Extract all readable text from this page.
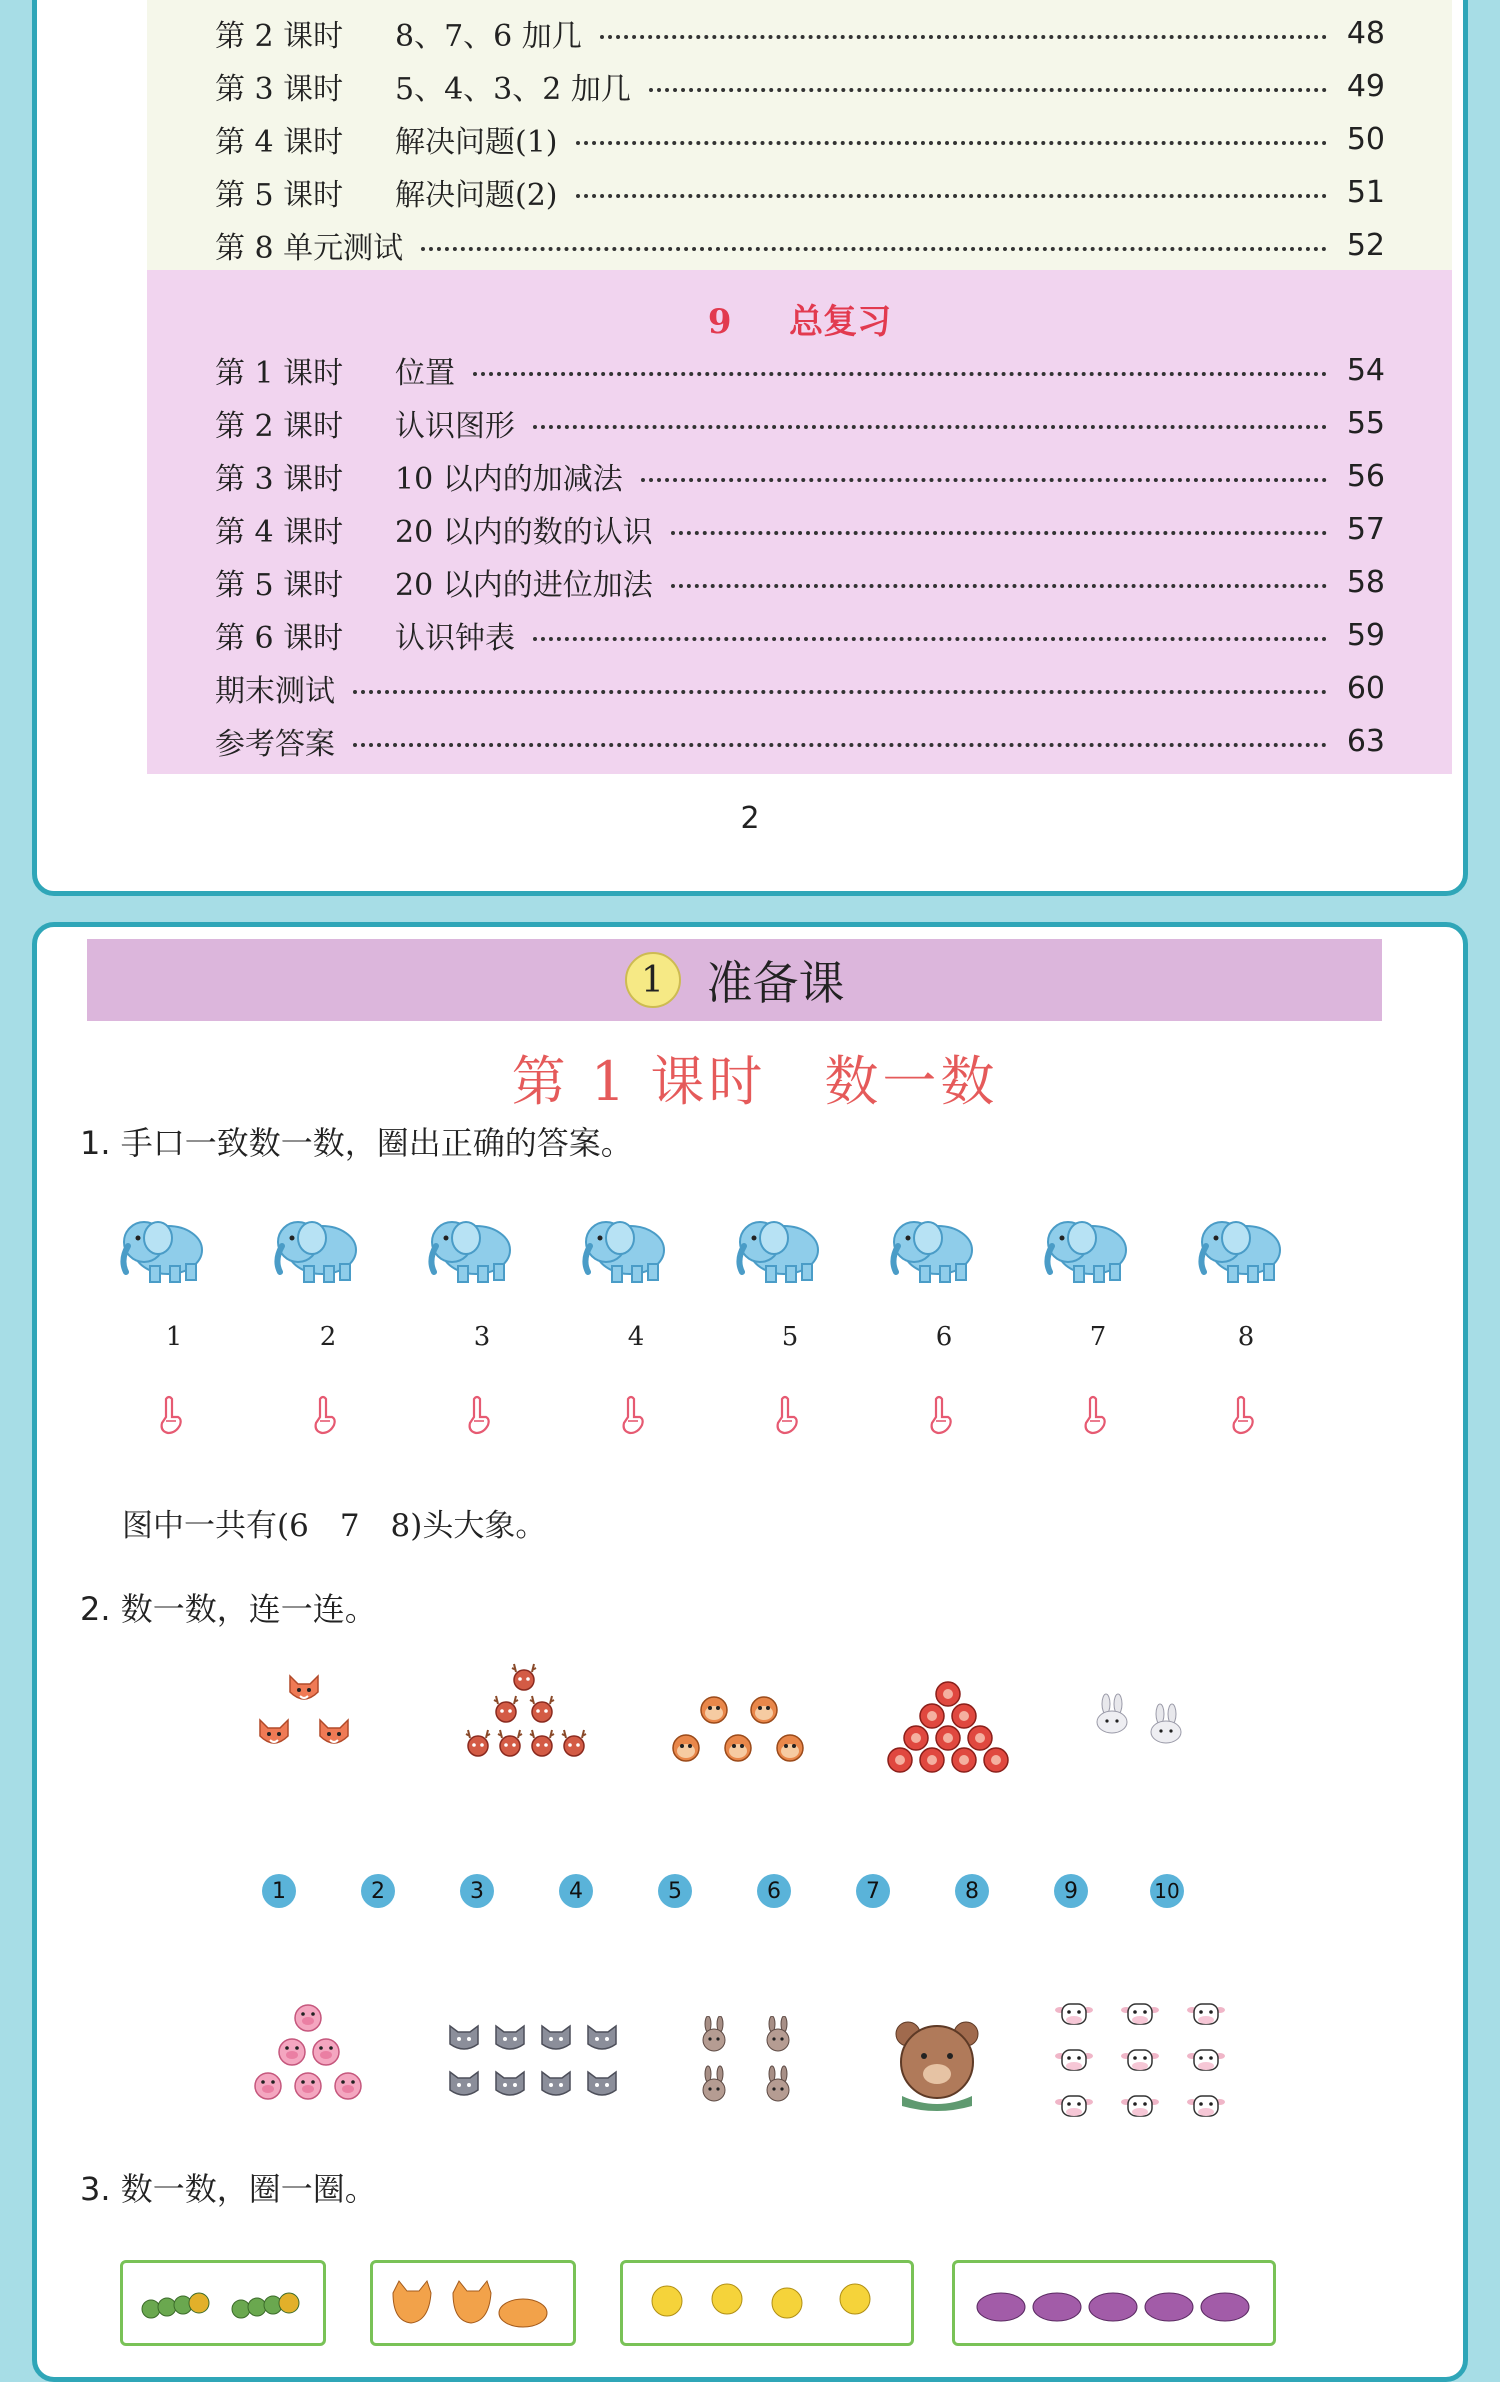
9 总复习
第 2 课时	8、7、6 加几	48
第 3 课时	5、4、3、2 加几	49
第 4 课时	解决问题(1)	50
第 5 课时	解决问题(2)	51
第 8 单元测试	52
第 1 课时	位置	54
第 2 课时	认识图形	55
第 3 课时	10 以内的加减法	56
第 4 课时	20 以内的数的认识	57
第 5 课时	20 以内的进位加法	58
第 6 课时	认识钟表	59
期末测试	60
参考答案	63
2
1 准备课
第 1 课时　数一数
1. 手口一致数一数，圈出正确的答案。
1	2	3	4	5	6	7	8
图中一共有(6　7　8)头大象。
2. 数一数，连一连。
1	2	3	4	5	6	7	8	9	10
3. 数一数，圈一圈。
